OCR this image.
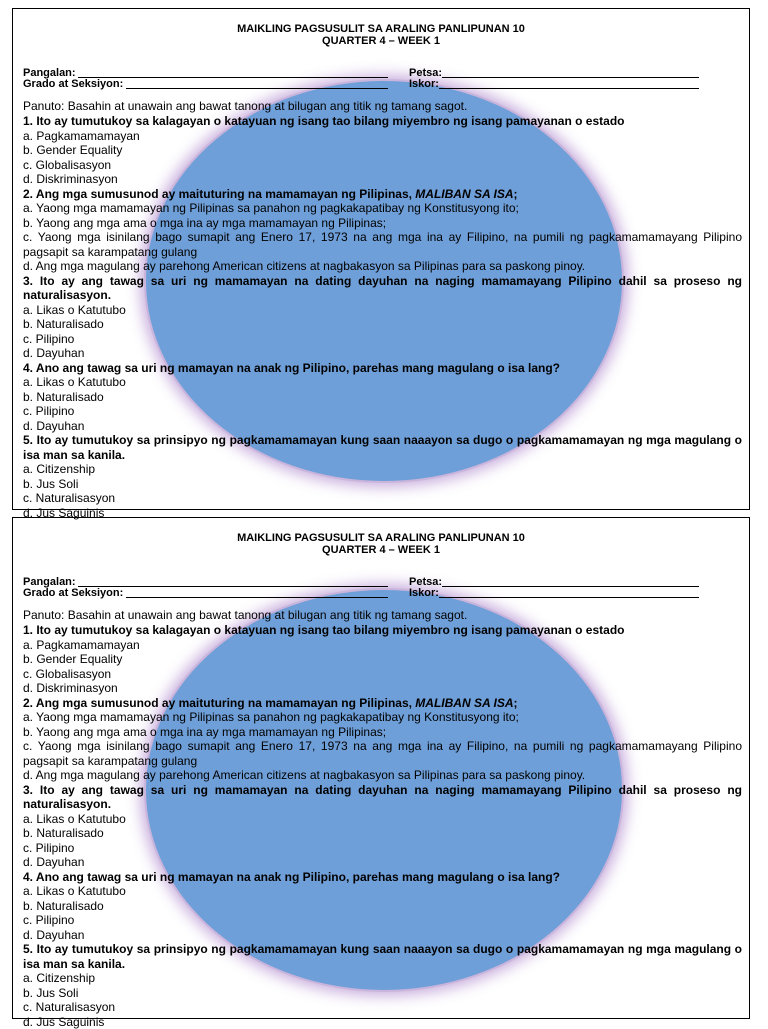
MAIKLING PAGSUSULIT SA ARALING PANLIPUNAN 10
QUARTER 4 – WEEK 1
Pangalan:	Petsa:
Grado at Seksiyon:	Iskor:
Panuto: Basahin at unawain ang bawat tanong at bilugan ang titik ng tamang sagot.
1. Ito ay tumutukoy sa kalagayan o katayuan ng isang tao bilang miyembro ng isang pamayanan o estado
a. Pagkamamamayan
b. Gender Equality
c. Globalisasyon
d. Diskriminasyon
2. Ang mga sumusunod ay maituturing na mamamayan ng Pilipinas, MALIBAN SA ISA;
a. Yaong mga mamamayan ng Pilipinas sa panahon ng pagkakapatibay ng Konstitusyong ito;
b. Yaong ang mga ama o mga ina ay mga mamamayan ng Pilipinas;
c. Yaong mga isinilang bago sumapit ang Enero 17, 1973 na ang mga ina ay Filipino, na pumili ng pagkamamamayang Pilipino pagsapit sa karampatang gulang
d. Ang mga magulang ay parehong American citizens at nagbakasyon sa Pilipinas para sa paskong pinoy.
3. Ito ay ang tawag sa uri ng mamamayan na dating dayuhan na naging mamamayang Pilipino dahil sa proseso ng naturalisasyon.
a. Likas o Katutubo
b. Naturalisado
c. Pilipino
d. Dayuhan
4. Ano ang tawag sa uri ng mamayan na anak ng Pilipino, parehas mang magulang o isa lang?
a. Likas o Katutubo
b. Naturalisado
c. Pilipino
d. Dayuhan
5. Ito ay tumutukoy sa prinsipyo ng pagkamamamayan kung saan naaayon sa dugo o pagkamamamayan ng mga magulang o isa man sa kanila.
a. Citizenship
b. Jus Soli
c. Naturalisasyon
d. Jus Saguinis
MAIKLING PAGSUSULIT SA ARALING PANLIPUNAN 10
QUARTER 4 – WEEK 1
Pangalan:	Petsa:
Grado at Seksiyon:	Iskor:
Panuto: Basahin at unawain ang bawat tanong at bilugan ang titik ng tamang sagot.
1. Ito ay tumutukoy sa kalagayan o katayuan ng isang tao bilang miyembro ng isang pamayanan o estado
a. Pagkamamamayan
b. Gender Equality
c. Globalisasyon
d. Diskriminasyon
2. Ang mga sumusunod ay maituturing na mamamayan ng Pilipinas, MALIBAN SA ISA;
a. Yaong mga mamamayan ng Pilipinas sa panahon ng pagkakapatibay ng Konstitusyong ito;
b. Yaong ang mga ama o mga ina ay mga mamamayan ng Pilipinas;
c. Yaong mga isinilang bago sumapit ang Enero 17, 1973 na ang mga ina ay Filipino, na pumili ng pagkamamamayang Pilipino pagsapit sa karampatang gulang
d. Ang mga magulang ay parehong American citizens at nagbakasyon sa Pilipinas para sa paskong pinoy.
3. Ito ay ang tawag sa uri ng mamamayan na dating dayuhan na naging mamamayang Pilipino dahil sa proseso ng naturalisasyon.
a. Likas o Katutubo
b. Naturalisado
c. Pilipino
d. Dayuhan
4. Ano ang tawag sa uri ng mamayan na anak ng Pilipino, parehas mang magulang o isa lang?
a. Likas o Katutubo
b. Naturalisado
c. Pilipino
d. Dayuhan
5. Ito ay tumutukoy sa prinsipyo ng pagkamamamayan kung saan naaayon sa dugo o pagkamamamayan ng mga magulang o isa man sa kanila.
a. Citizenship
b. Jus Soli
c. Naturalisasyon
d. Jus Saguinis
